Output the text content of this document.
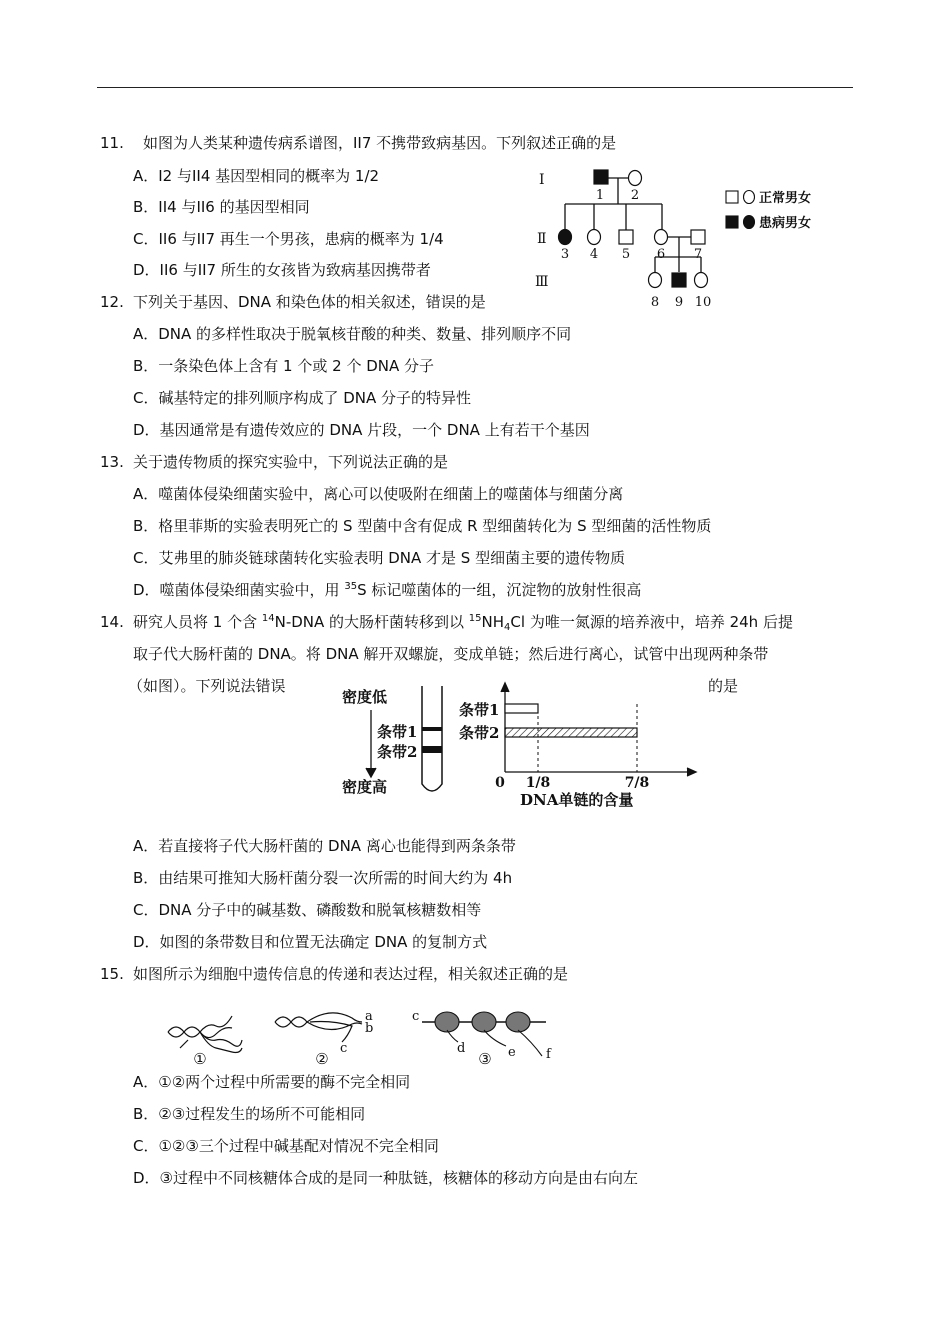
11. 如图为人类某种遗传病系谱图，II7 不携带致病基因。下列叙述正确的是
A．I2 与II4 基因型相同的概率为 1/2
B．II4 与II6 的基因型相同
C．II6 与II7 再生一个男孩，患病的概率为 1/4
D．II6 与II7 所生的女孩皆为致病基因携带者
I
Ⅱ
Ⅲ
1 2
3 4 5 6 7
8 9 10
正常男女
患病男女
12. 下列关于基因、DNA 和染色体的相关叙述，错误的是
A．DNA 的多样性取决于脱氧核苷酸的种类、数量、排列顺序不同
B．一条染色体上含有 1 个或 2 个 DNA 分子
C．碱基特定的排列顺序构成了 DNA 分子的特异性
D．基因通常是有遗传效应的 DNA 片段，一个 DNA 上有若干个基因
13. 关于遗传物质的探究实验中，下列说法正确的是
A．噬菌体侵染细菌实验中，离心可以使吸附在细菌上的噬菌体与细菌分离
B．格里菲斯的实验表明死亡的 S 型菌中含有促成 R 型细菌转化为 S 型细菌的活性物质
C．艾弗里的肺炎链球菌转化实验表明 DNA 才是 S 型细菌主要的遗传物质
D．噬菌体侵染细菌实验中，用 $^{35}$S 标记噬菌体的一组，沉淀物的放射性很高
14. 研究人员将 1 个含 $^{14}$N-DNA 的大肠杆菌转移到以 $^{15}NH_4Cl$ 为唯一氮源的培养液中，培养 24h 后提
取子代大肠杆菌的 DNA。将 DNA 解开双螺旋，变成单链；然后进行离心，试管中出现两种条带
（如图）。下列说法错误	的是
密度低
密度高
条带1
条带2
条带1
条带2
DNA单链的含量
0 1/8	7/8
A．若直接将子代大肠杆菌的 DNA 离心也能得到两条条带
B．由结果可推知大肠杆菌分裂一次所需的时间大约为 4h
C．DNA 分子中的碱基数、磷酸数和脱氧核糖数相等
D．如图的条带数目和位置无法确定 DNA 的复制方式
15. 如图所示为细胞中遗传信息的传递和表达过程，相关叙述正确的是
a
b
c
c
d	e f
①	②	③
A．①②两个过程中所需要的酶不完全相同
B．②③过程发生的场所不可能相同
C．①②③三个过程中碱基配对情况不完全相同
D．③过程中不同核糖体合成的是同一种肽链，核糖体的移动方向是由右向左
